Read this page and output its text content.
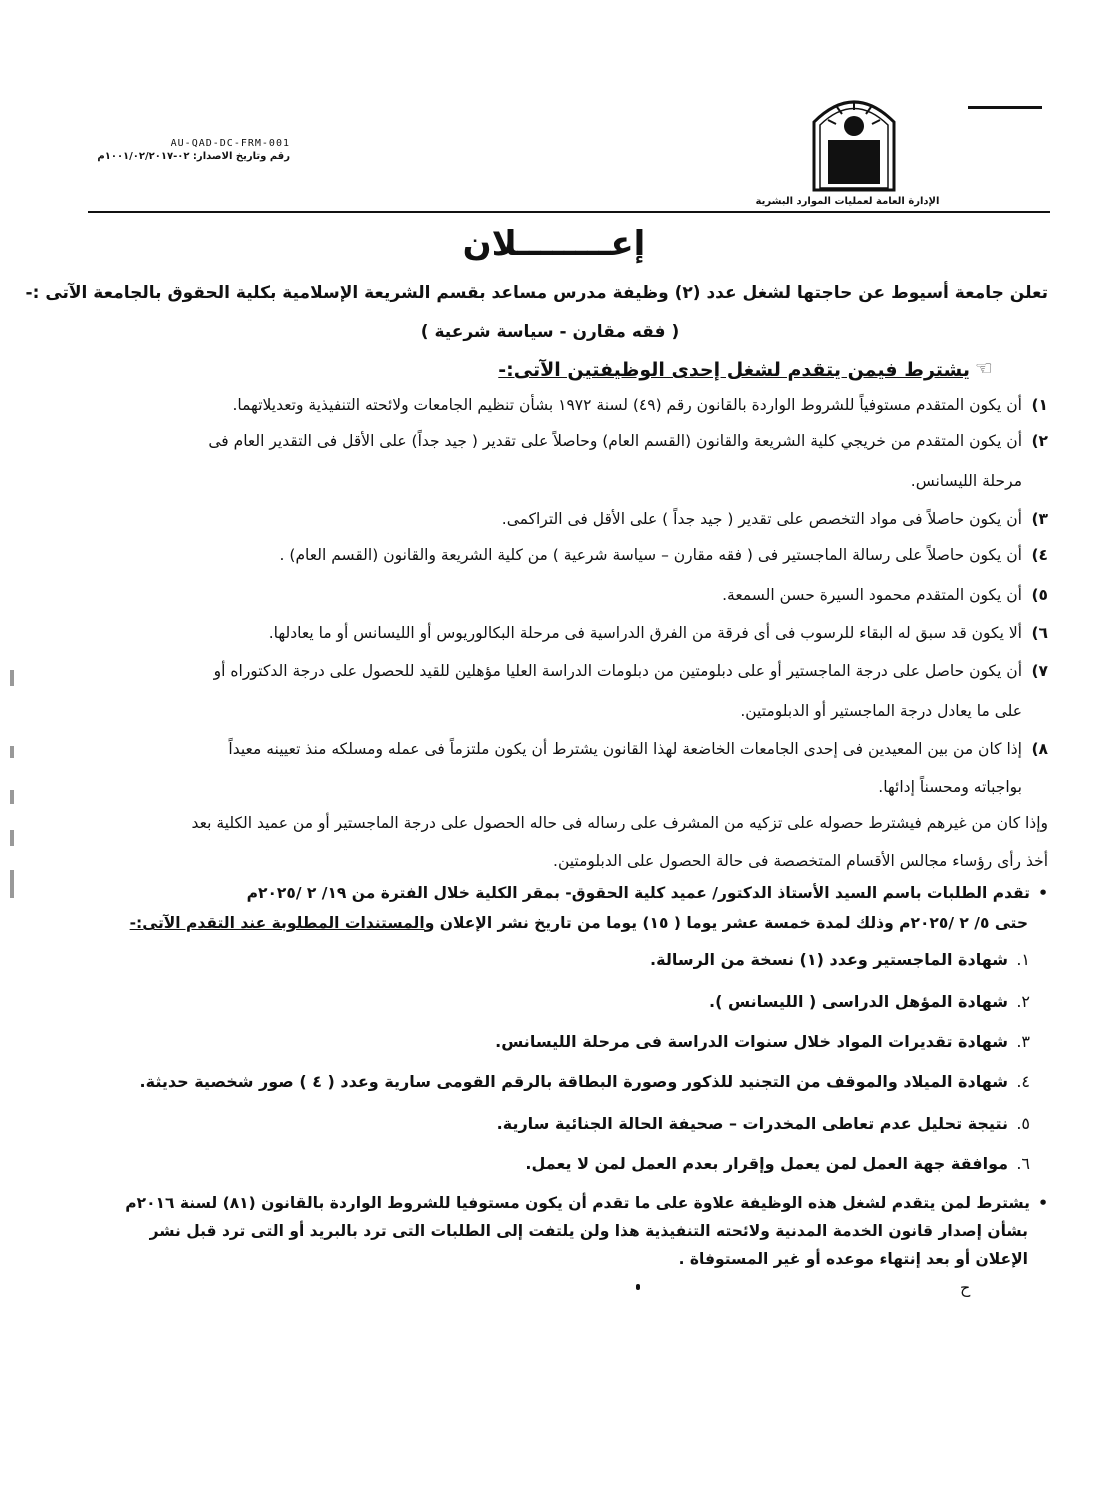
الإدارة العامة لعمليات الموارد البشرية
AU-QAD-DC-FRM-001
رقم وتاريخ الاصدار: ٠٢-١٠٠١/٠٢/٢٠١٧م
إعــــــــلان
تعلن جامعة أسيوط عن حاجتها لشغل عدد (٢) وظيفة مدرس مساعد بقسم الشريعة الإسلامية بكلية الحقوق بالجامعة الآتى :-
( فقه مقارن - سياسة شرعية )
☜
يشترط فيمن يتقدم لشغل إحدى الوظيفتين الآتى:-
١)أن يكون المتقدم مستوفياً للشروط الواردة بالقانون رقم (٤٩) لسنة ١٩٧٢ بشأن تنظيم الجامعات ولائحته التنفيذية وتعديلاتهما.
٢)أن يكون المتقدم من خريجي كلية الشريعة والقانون (القسم العام) وحاصلاً على تقدير ( جيد جداً) على الأقل فى التقدير العام فى
مرحلة الليسانس.
٣)أن يكون حاصلاً فى مواد التخصص على تقدير ( جيد جداً ) على الأقل فى التراكمى.
٤)أن يكون حاصلاً على رسالة الماجستير فى ( فقه مقارن – سياسة شرعية ) من كلية الشريعة والقانون (القسم العام) .
٥)أن يكون المتقدم محمود السيرة حسن السمعة.
٦)ألا يكون قد سبق له البقاء للرسوب فى أى فرقة من الفرق الدراسية فى مرحلة البكالوريوس أو الليسانس أو ما يعادلها.
٧)أن يكون حاصل على درجة الماجستير أو على دبلومتين من دبلومات الدراسة العليا مؤهلين للقيد للحصول على درجة الدكتوراه أو
على ما يعادل درجة الماجستير أو الدبلومتين.
٨)إذا كان من بين المعيدين فى إحدى الجامعات الخاضعة لهذا القانون يشترط أن يكون ملتزماً فى عمله ومسلكه منذ تعيينه معيداً
بواجباته ومحسناً إدائها.
وإذا كان من غيرهم فيشترط حصوله على تزكيه من المشرف على رساله فى حاله الحصول على درجة الماجستير أو من عميد الكلية بعد
أخذ رأى رؤساء مجالس الأقسام المتخصصة فى حالة الحصول على الدبلومتين.
•تقدم الطلبات باسم السيد الأستاذ الدكتور/ عميد كلية الحقوق- بمقر الكلية خلال الفترة من ١٩/ ٢ /٢٠٢٥م
حتى ٥/ ٢ /٢٠٢٥م وذلك لمدة خمسة عشر يوما ( ١٥) يوما من تاريخ نشر الإعلان والمستندات المطلوبة عند التقدم الآتى:-
١.شهادة الماجستير وعدد (١) نسخة من الرسالة.
٢.شهادة المؤهل الدراسى ( الليسانس ).
٣.شهادة تقديرات المواد خلال سنوات الدراسة فى مرحلة الليسانس.
٤.شهادة الميلاد والموقف من التجنيد للذكور وصورة البطاقة بالرقم القومى سارية وعدد ( ٤ ) صور شخصية حديثة.
٥.نتيجة تحليل عدم تعاطى المخدرات – صحيفة الحالة الجنائية سارية.
٦.موافقة جهة العمل لمن يعمل وإقرار بعدم العمل لمن لا يعمل.
•يشترط لمن يتقدم لشغل هذه الوظيفة علاوة على ما تقدم أن يكون مستوفيا للشروط الواردة بالقانون (٨١) لسنة ٢٠١٦م
بشأن إصدار قانون الخدمة المدنية ولائحته التنفيذية هذا ولن يلتفت إلى الطلبات التى ترد بالبريد أو التى ترد قبل نشر
الإعلان أو بعد إنتهاء موعده أو غير المستوفاة .
ح
